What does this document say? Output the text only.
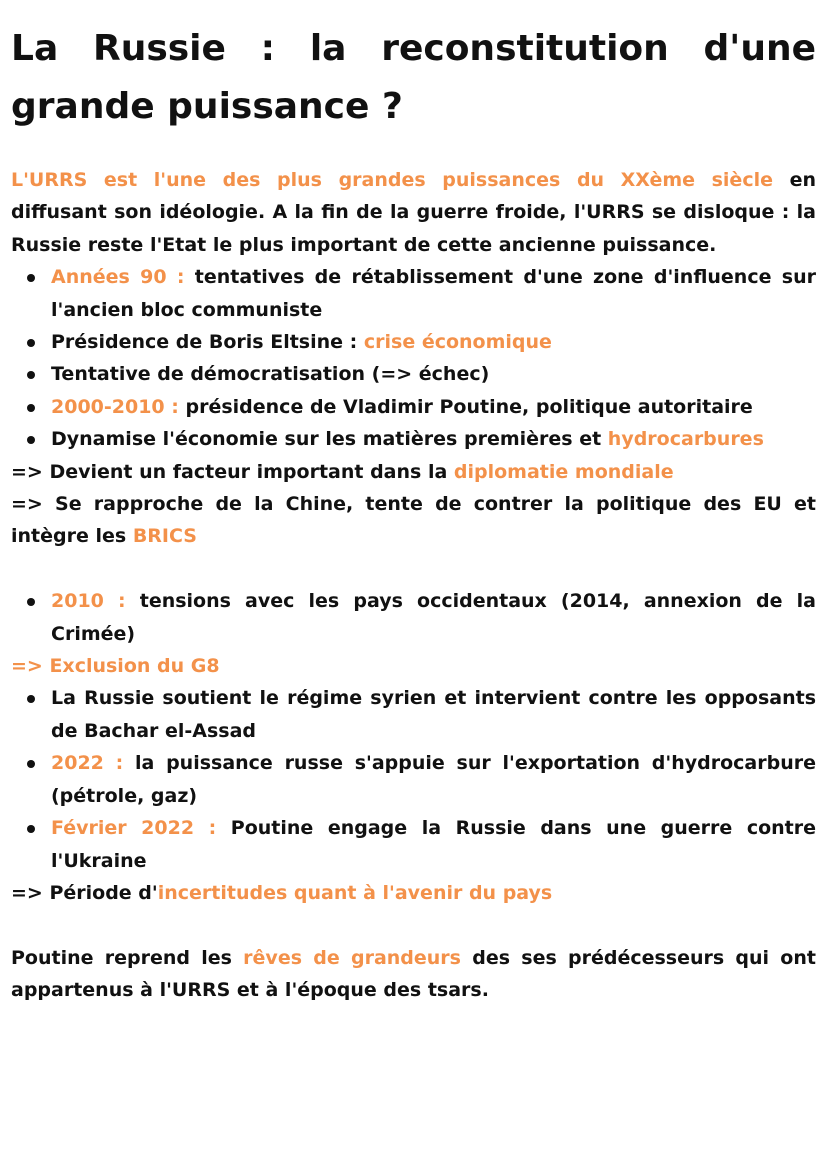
La Russie : la reconstitution d'une grande puissance ?

L'URRS est l'une des plus grandes puissances du XXème siècle en diffusant son idéologie. A la fin de la guerre froide, l'URRS se disloque : la Russie reste l'Etat le plus important de cette ancienne puissance.

Années 90 : tentatives de rétablissement d'une zone d'influence sur l'ancien bloc communiste
Présidence de Boris Eltsine : crise économique
Tentative de démocratisation (=> échec)
2000-2010 : présidence de Vladimir Poutine, politique autoritaire
Dynamise l'économie sur les matières premières et hydrocarbures

=> Devient un facteur important dans la diplomatie mondiale

=> Se rapproche de la Chine, tente de contrer la politique des EU et intègre les BRICS

2010 : tensions avec les pays occidentaux (2014, annexion de la Crimée)

=> Exclusion du G8

La Russie soutient le régime syrien et intervient contre les opposants de Bachar el-Assad
2022 : la puissance russe s'appuie sur l'exportation d'hydrocarbure (pétrole, gaz)
Février 2022 : Poutine engage la Russie dans une guerre contre l'Ukraine

=> Période d'incertitudes quant à l'avenir du pays

Poutine reprend les rêves de grandeurs des ses prédécesseurs qui ont appartenus à l'URRS et à l'époque des tsars.
